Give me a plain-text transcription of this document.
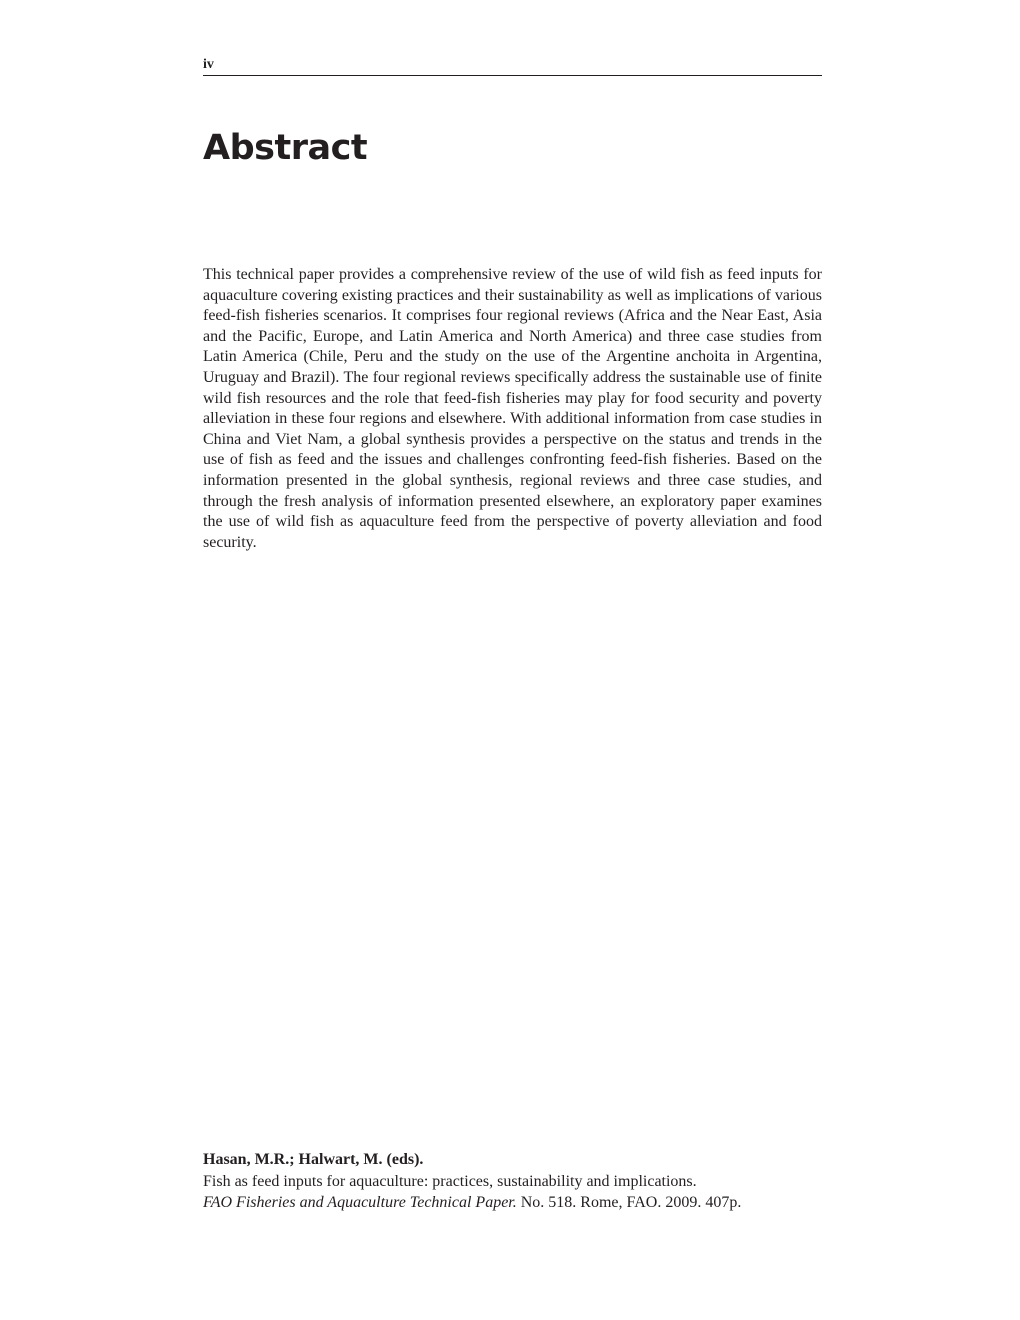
iv
Abstract

This technical paper provides a comprehensive review of the use of wild fish as feed inputs for aquaculture covering existing practices and their sustainability as well as implications of various feed-fish fisheries scenarios. It comprises four regional reviews (Africa and the Near East, Asia and the Pacific, Europe, and Latin America and North America) and three case studies from Latin America (Chile, Peru and the study on the use of the Argentine anchoita in Argentina, Uruguay and Brazil). The four regional reviews specifically address the sustainable use of finite wild fish resources and the role that feed-fish fisheries may play for food security and poverty alleviation in these four regions and elsewhere. With additional information from case studies in China and Viet Nam, a global synthesis provides a perspective on the status and trends in the use of fish as feed and the issues and challenges confronting feed-fish fisheries. Based on the information presented in the global synthesis, regional reviews and three case studies, and through the fresh analysis of information presented elsewhere, an exploratory paper examines the use of wild fish as aquaculture feed from the perspective of poverty alleviation and food security.

Hasan, M.R.; Halwart, M. (eds).
Fish as feed inputs for aquaculture: practices, sustainability and implications.
FAO Fisheries and Aquaculture Technical Paper. No. 518. Rome, FAO. 2009. 407p.
